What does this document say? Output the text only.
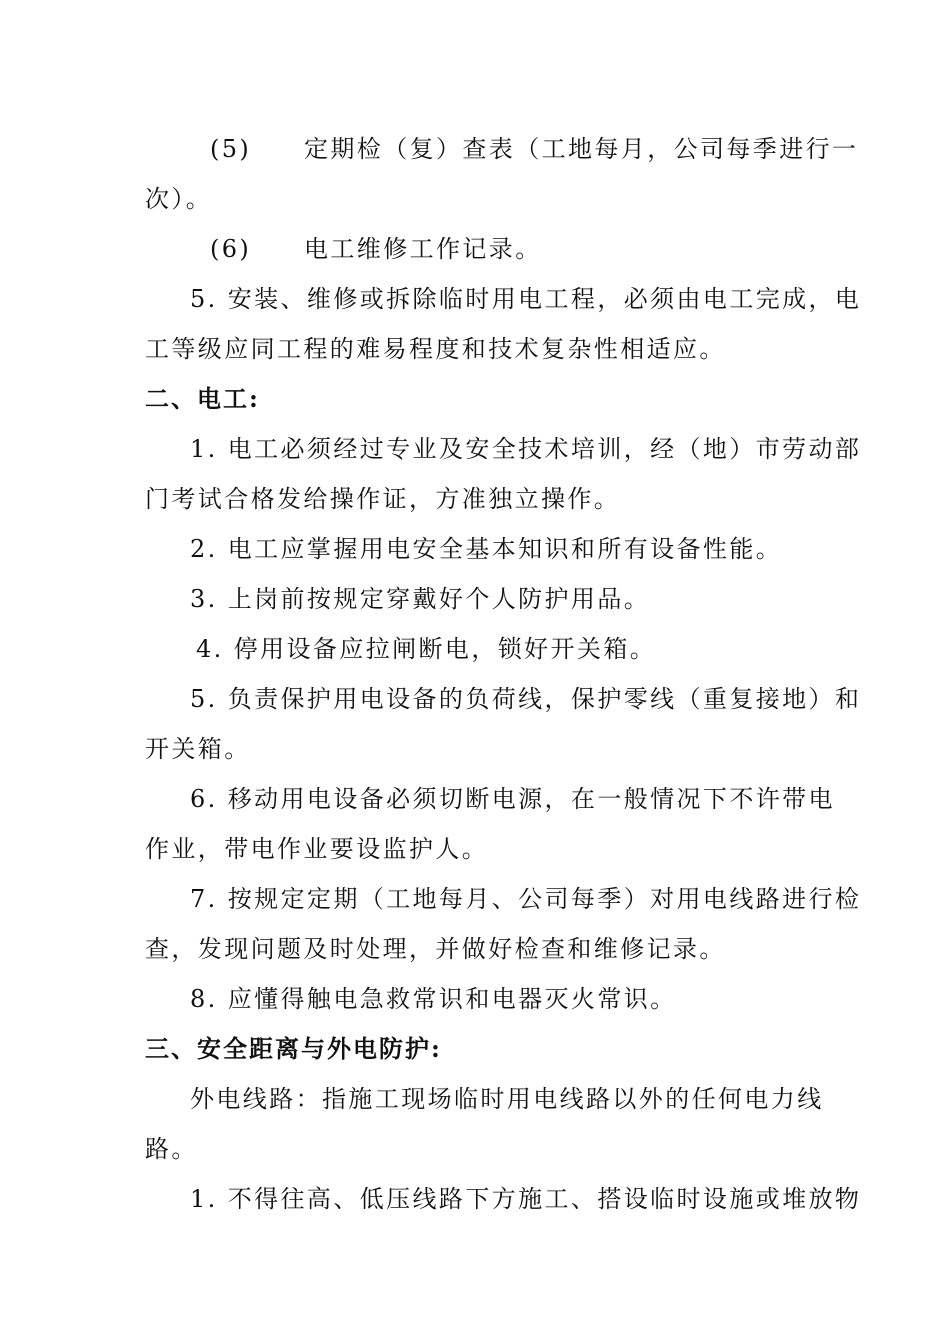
(5)　　定期检（复）查表（工地每月，公司每季进行一
次）。
(6)　　电工维修工作记录。
5. 安装、维修或拆除临时用电工程，必须由电工完成，电
工等级应同工程的难易程度和技术复杂性相适应。
二、电工:
1. 电工必须经过专业及安全技术培训，经（地）市劳动部
门考试合格发给操作证，方准独立操作。
2. 电工应掌握用电安全基本知识和所有设备性能。
3. 上岗前按规定穿戴好个人防护用品。
4. 停用设备应拉闸断电，锁好开关箱。
5. 负责保护用电设备的负荷线，保护零线（重复接地）和
开关箱。
6. 移动用电设备必须切断电源，在一般情况下不许带电
作业，带电作业要设监护人。
7. 按规定定期（工地每月、公司每季）对用电线路进行检
查，发现问题及时处理，并做好检查和维修记录。
8. 应懂得触电急救常识和电器灭火常识。
三、安全距离与外电防护:
外电线路：指施工现场临时用电线路以外的任何电力线
路。
1. 不得往高、低压线路下方施工、搭设临时设施或堆放物
